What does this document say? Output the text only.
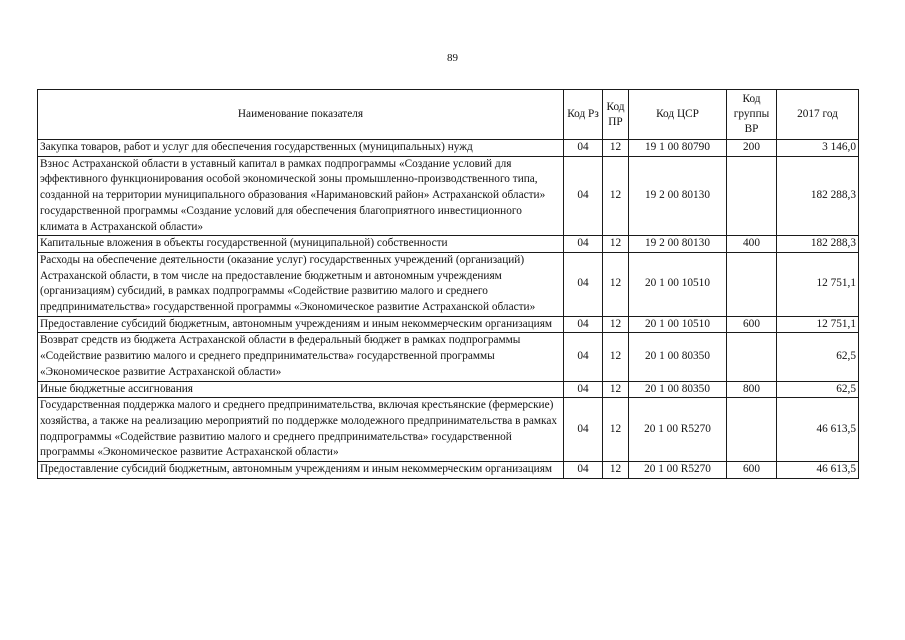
89
Наименование показателя	Код Рз	Код ПР	Код ЦСР	Код группы ВР	2017 год
Закупка товаров, работ и услуг для обеспечения государственных (муниципальных) нужд	04	12	19 1 00 80790	200	3 146,0
Взнос Астраханской области в уставный капитал в рамках подпрограммы «Создание условий для эффективного функционирования особой экономической зоны промышленно-производственного типа, созданной на территории муниципального образования «Наримановский район» Астраханской области» государственной программы «Создание условий для обеспечения благоприятного инвестиционного климата в Астраханской области»	04	12	19 2 00 80130		182 288,3
Капитальные вложения в объекты государственной (муниципальной) собственности	04	12	19 2 00 80130	400	182 288,3
Расходы на обеспечение деятельности (оказание услуг) государственных учреждений (организаций) Астраханской области, в том числе на предоставление бюджетным и автономным учреждениям (организациям) субсидий, в рамках подпрограммы «Содействие развитию малого и среднего предпринимательства» государственной программы «Экономическое развитие Астраханской области»	04	12	20 1 00 10510		12 751,1
Предоставление субсидий бюджетным, автономным учреждениям и иным некоммерческим организациям	04	12	20 1 00 10510	600	12 751,1
Возврат средств из бюджета Астраханской области в федеральный бюджет в рамках подпрограммы «Содействие развитию малого и среднего предпринимательства» государственной программы «Экономическое развитие Астраханской области»	04	12	20 1 00 80350		62,5
Иные бюджетные ассигнования	04	12	20 1 00 80350	800	62,5
Государственная поддержка малого и среднего предпринимательства, включая крестьянские (фермерские) хозяйства, а также на реализацию мероприятий по поддержке молодежного предпринимательства в рамках подпрограммы «Содействие развитию малого и среднего предпринимательства» государственной программы «Экономическое развитие Астраханской области»	04	12	20 1 00 R5270		46 613,5
Предоставление субсидий бюджетным, автономным учреждениям и иным некоммерческим организациям	04	12	20 1 00 R5270	600	46 613,5
